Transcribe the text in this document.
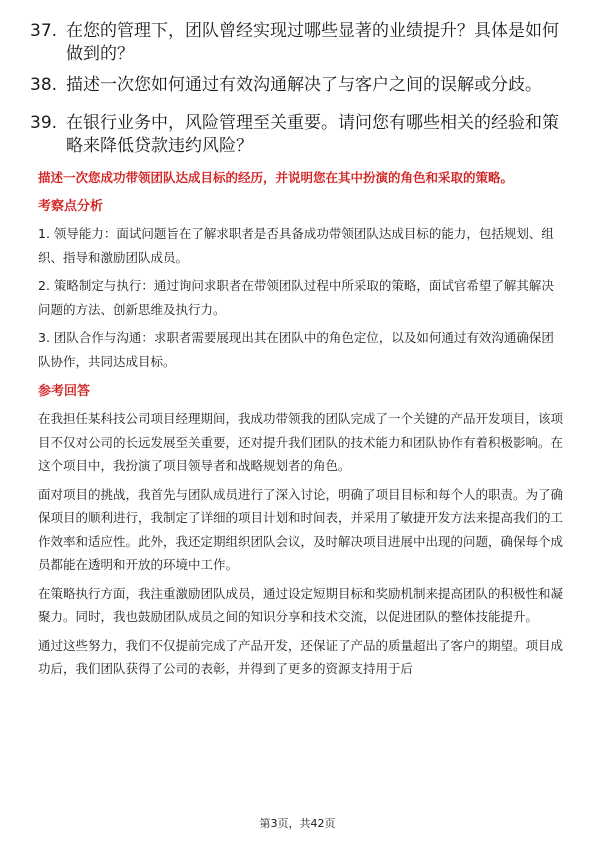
37. 在您的管理下，团队曾经实现过哪些显著的业绩提升？具体是如何做到的？
38. 描述一次您如何通过有效沟通解决了与客户之间的误解或分歧。
39. 在银行业务中，风险管理至关重要。请问您有哪些相关的经验和策略来降低贷款违约风险？

描述一次您成功带领团队达成目标的经历，并说明您在其中扮演的角色和采取的策略。

考察点分析

1. 领导能力：面试问题旨在了解求职者是否具备成功带领团队达成目标的能力，包括规划、组织、指导和激励团队成员。

2. 策略制定与执行：通过询问求职者在带领团队过程中所采取的策略，面试官希望了解其解决问题的方法、创新思维及执行力。

3. 团队合作与沟通：求职者需要展现出其在团队中的角色定位，以及如何通过有效沟通确保团队协作，共同达成目标。

参考回答

在我担任某科技公司项目经理期间，我成功带领我的团队完成了一个关键的产品开发项目，该项目不仅对公司的长远发展至关重要，还对提升我们团队的技术能力和团队协作有着积极影响。在这个项目中，我扮演了项目领导者和战略规划者的角色。

面对项目的挑战，我首先与团队成员进行了深入讨论，明确了项目目标和每个人的职责。为了确保项目的顺利进行，我制定了详细的项目计划和时间表，并采用了敏捷开发方法来提高我们的工作效率和适应性。此外，我还定期组织团队会议，及时解决项目进展中出现的问题，确保每个成员都能在透明和开放的环境中工作。

在策略执行方面，我注重激励团队成员，通过设定短期目标和奖励机制来提高团队的积极性和凝聚力。同时，我也鼓励团队成员之间的知识分享和技术交流，以促进团队的整体技能提升。

通过这些努力，我们不仅提前完成了产品开发，还保证了产品的质量超出了客户的期望。项目成功后，我们团队获得了公司的表彰，并得到了更多的资源支持用于后

第3页，共42页
